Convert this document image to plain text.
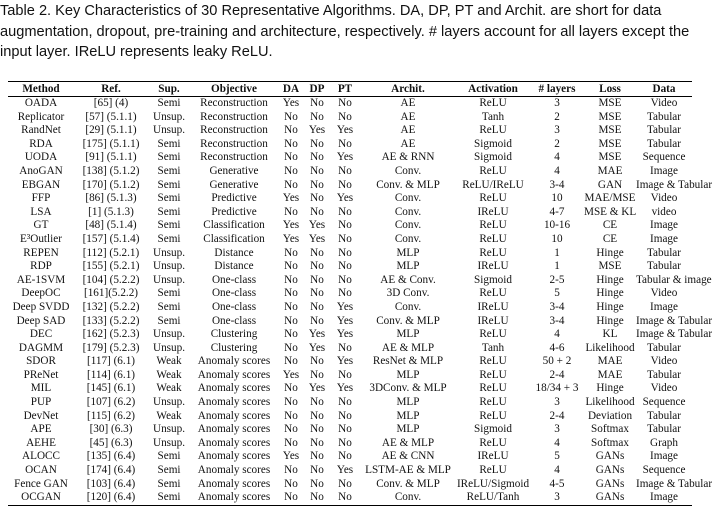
Table 2. Key Characteristics of 30 Representative Algorithms. DA, DP, PT and Archit. are short for data
augmentation, dropout, pre-training and architecture, respectively. # layers account for all layers except the
input layer. IReLU represents leaky ReLU.
Method	Ref.	Sup.	Objective	DA	DP	PT	Archit.	Activation	# layers	Loss	Data
OADA	[65] (4)	Semi	Reconstruction	Yes	No	No	AE	ReLU	3	MSE	Video
Replicator	[57] (5.1.1)	Unsup.	Reconstruction	No	No	No	AE	Tanh	2	MSE	Tabular
RandNet	[29] (5.1.1)	Unsup.	Reconstruction	No	Yes	Yes	AE	ReLU	3	MSE	Tabular
RDA	[175] (5.1.1)	Semi	Reconstruction	No	No	No	AE	Sigmoid	2	MSE	Tabular
UODA	[91] (5.1.1)	Semi	Reconstruction	No	No	Yes	AE & RNN	Sigmoid	4	MSE	Sequence
AnoGAN	[138] (5.1.2)	Semi	Generative	No	No	No	Conv.	ReLU	4	MAE	Image
EBGAN	[170] (5.1.2)	Semi	Generative	No	No	No	Conv. & MLP	ReLU/IReLU	3-4	GAN	Image & Tabular
FFP	[86] (5.1.3)	Semi	Predictive	Yes	No	Yes	Conv.	ReLU	10	MAE/MSE	Video
LSA	[1] (5.1.3)	Semi	Predictive	No	No	No	Conv.	IReLU	4-7	MSE & KL	video
GT	[48] (5.1.4)	Semi	Classification	Yes	Yes	No	Conv.	ReLU	10-16	CE	Image
E³Outlier	[157] (5.1.4)	Semi	Classification	Yes	Yes	No	Conv.	ReLU	10	CE	Image
REPEN	[112] (5.2.1)	Unsup.	Distance	No	No	No	MLP	ReLU	1	Hinge	Tabular
RDP	[155] (5.2.1)	Unsup.	Distance	No	No	No	MLP	IReLU	1	MSE	Tabular
AE-1SVM	[104] (5.2.2)	Unsup.	One-class	No	No	No	AE & Conv.	Sigmoid	2-5	Hinge	Tabular & image
DeepOC	[161](5.2.2)	Semi	One-class	No	No	No	3D Conv.	ReLU	5	Hinge	Video
Deep SVDD	[132] (5.2.2)	Semi	One-class	No	No	Yes	Conv.	IReLU	3-4	Hinge	Image
Deep SAD	[133] (5.2.2)	Semi	One-class	No	No	Yes	Conv. & MLP	IReLU	3-4	Hinge	Image & Tabular
DEC	[162] (5.2.3)	Unsup.	Clustering	No	Yes	Yes	MLP	ReLU	4	KL	Image & Tabular
DAGMM	[179] (5.2.3)	Unsup.	Clustering	No	Yes	No	AE & MLP	Tanh	4-6	Likelihood	Tabular
SDOR	[117] (6.1)	Weak	Anomaly scores	No	No	Yes	ResNet & MLP	ReLU	50 + 2	MAE	Video
PReNet	[114] (6.1)	Weak	Anomaly scores	Yes	No	No	MLP	ReLU	2-4	MAE	Tabular
MIL	[145] (6.1)	Weak	Anomaly scores	No	Yes	Yes	3DConv. & MLP	ReLU	18/34 + 3	Hinge	Video
PUP	[107] (6.2)	Unsup.	Anomaly scores	No	No	No	MLP	ReLU	3	Likelihood	Sequence
DevNet	[115] (6.2)	Weak	Anomaly scores	No	No	No	MLP	ReLU	2-4	Deviation	Tabular
APE	[30] (6.3)	Unsup.	Anomaly scores	No	No	No	MLP	Sigmoid	3	Softmax	Tabular
AEHE	[45] (6.3)	Unsup.	Anomaly scores	No	No	No	AE & MLP	ReLU	4	Softmax	Graph
ALOCC	[135] (6.4)	Semi	Anomaly scores	Yes	No	No	AE & CNN	IReLU	5	GANs	Image
OCAN	[174] (6.4)	Semi	Anomaly scores	No	No	Yes	LSTM-AE & MLP	ReLU	4	GANs	Sequence
Fence GAN	[103] (6.4)	Semi	Anomaly scores	No	No	No	Conv. & MLP	IReLU/Sigmoid	4-5	GANs	Image & Tabular
OCGAN	[120] (6.4)	Semi	Anomaly scores	No	No	No	Conv.	ReLU/Tanh	3	GANs	Image
